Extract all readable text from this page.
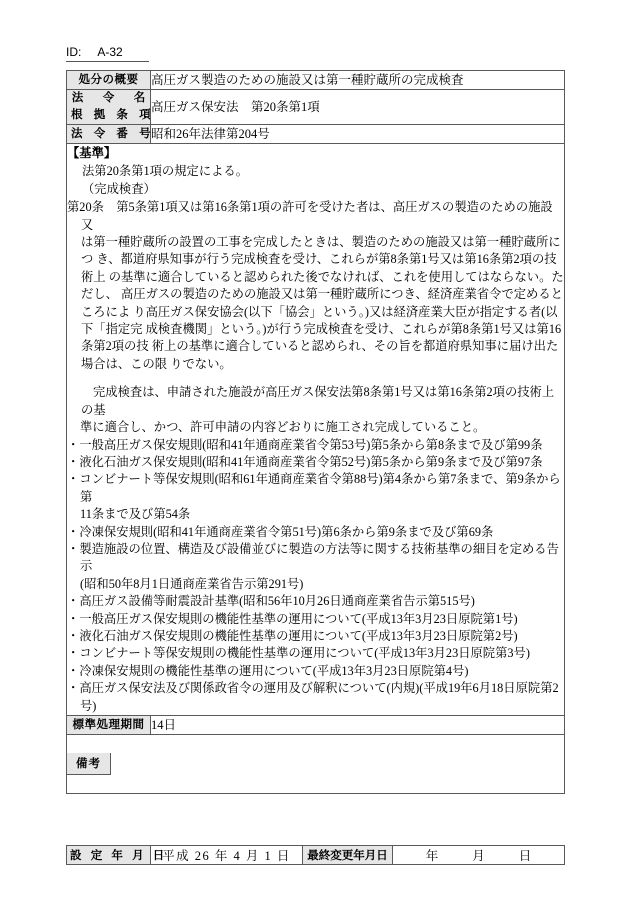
ID: A-32
処分の概要	高圧ガス製造のための施設又は第一種貯蔵所の完成検査

法　令　名
根 拠 条 項	高圧ガス保安法　第20条第1項

法 令 番 号	昭和26年法律第204号

【基準】
法第20条第1項の規定による。
（完成検査）
第20条　第5条第1項又は第16条第1項の許可を受けた者は、高圧ガスの製造のための施設又
は第一種貯蔵所の設置の工事を完成したときは、製造のための施設又は第一種貯蔵所につ き、都道府県知事が行う完成検査を受け、これらが第8条第1号又は第16条第2項の技術上 の基準に適合していると認められた後でなければ、これを使用してはならない。ただし、 高圧ガスの製造のための施設又は第一種貯蔵所につき、経済産業省令で定めるところによ り高圧ガス保安協会(以下「協会」という。)又は経済産業大臣が指定する者(以下「指定完 成検査機関」という。)が行う完成検査を受け、これらが第8条第1号又は第16条第2項の技 術上の基準に適合していると認められ、その旨を都道府県知事に届け出た場合は、この限 りでない。
完成検査は、申請された施設が高圧ガス保安法第8条第1号又は第16条第2項の技術上の基
準に適合し、かつ、許可申請の内容どおりに施工され完成していること。
・一般高圧ガス保安規則(昭和41年通商産業省令第53号)第5条から第8条まで及び第99条
・液化石油ガス保安規則(昭和41年通商産業省令第52号)第5条から第9条まで及び第97条
・コンビナート等保安規則(昭和61年通商産業省令第88号)第4条から第7条まで、第9条から第
11条まで及び第54条
・冷凍保安規則(昭和41年通商産業省令第51号)第6条から第9条まで及び第69条
・製造施設の位置、構造及び設備並びに製造の方法等に関する技術基準の細目を定める告示
(昭和50年8月1日通商産業省告示第291号)
・高圧ガス設備等耐震設計基準(昭和56年10月26日通商産業省告示第515号)
・一般高圧ガス保安規則の機能性基準の運用について(平成13年3月23日原院第1号)
・液化石油ガス保安規則の機能性基準の運用について(平成13年3月23日原院第2号)
・コンビナート等保安規則の機能性基準の運用について(平成13年3月23日原院第3号)
・冷凍保安規則の機能性基準の運用について(平成13年3月23日原院第4号)
・高圧ガス保安法及び関係政省令の運用及び解釈について(内規)(平成19年6月18日原院第2
号)

標準処理期間	14日
備考	
設 定 年 月 日	平成 26 年 4 月 1 日	最終変更年月日	年	月	日
